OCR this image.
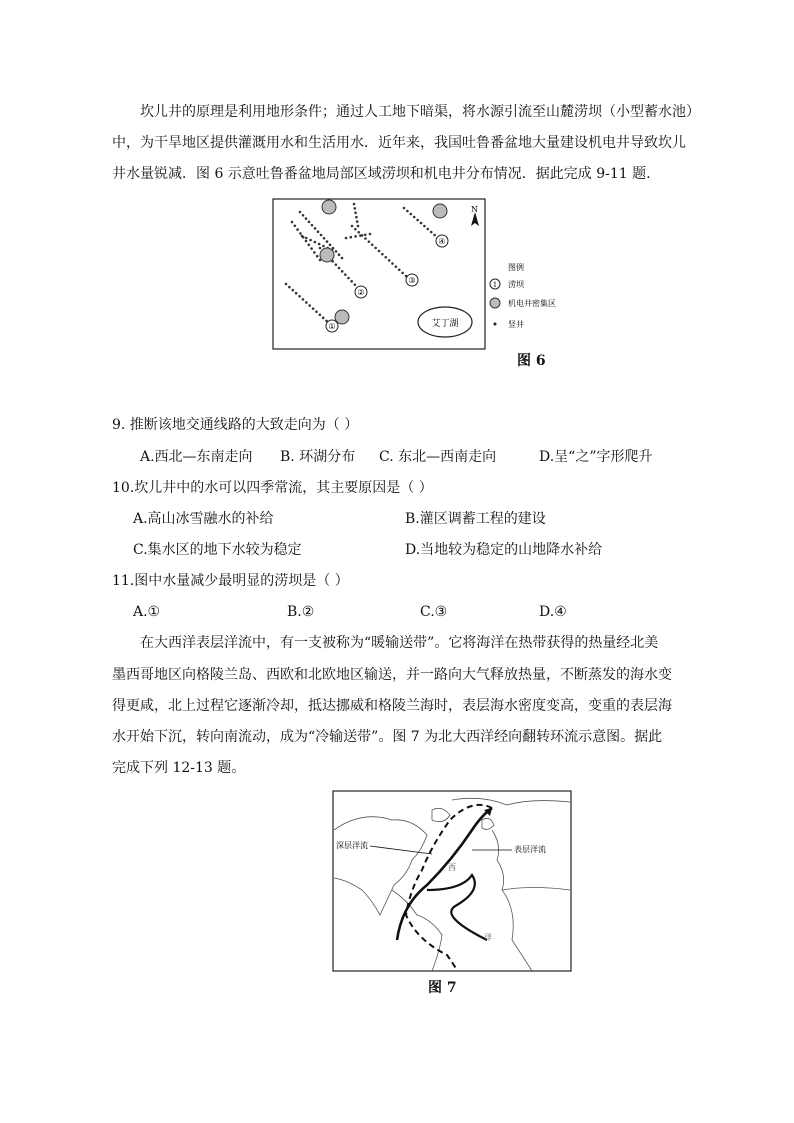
坎儿井的原理是利用地形条件；通过人工地下暗渠，将水源引流至山麓涝坝（小型蓄水池）
中，为干旱地区提供灌溉用水和生活用水．近年来，我国吐鲁番盆地大量建设机电井导致坎儿
井水量锐减．图 6 示意吐鲁番盆地局部区域涝坝和机电井分布情况．据此完成 9-11 题.
N
①
②
③
④
艾丁湖
图例
1 涝坝
机电井密集区
竖井
图 6
9. 推断该地交通线路的大致走向为（ ）
A.西北—东南走向 B. 环湖分布 C. 东北—西南走向	D.呈“之”字形爬升
10.坎儿井中的水可以四季常流，其主要原因是（ ）
A.高山冰雪融水的补给	B.灌区调蓄工程的建设
C.集水区的地下水较为稳定	D.当地较为稳定的山地降水补给
11.图中水量减少最明显的涝坝是（ ）
A.①	B.②	C.③	D.④
在大西洋表层洋流中，有一支被称为“暖输送带”。它将海洋在热带获得的热量经北美
墨西哥地区向格陵兰岛、西欧和北欧地区输送，并一路向大气释放热量，不断蒸发的海水变
得更咸，北上过程它逐渐冷却，抵达挪威和格陵兰海时，表层海水密度变高，变重的表层海
水开始下沉，转向南流动，成为“冷输送带”。图 7 为北大西洋经向翻转环流示意图。据此
完成下列 12-13 题。
深层洋流	表层洋流
西
洋
图 7
